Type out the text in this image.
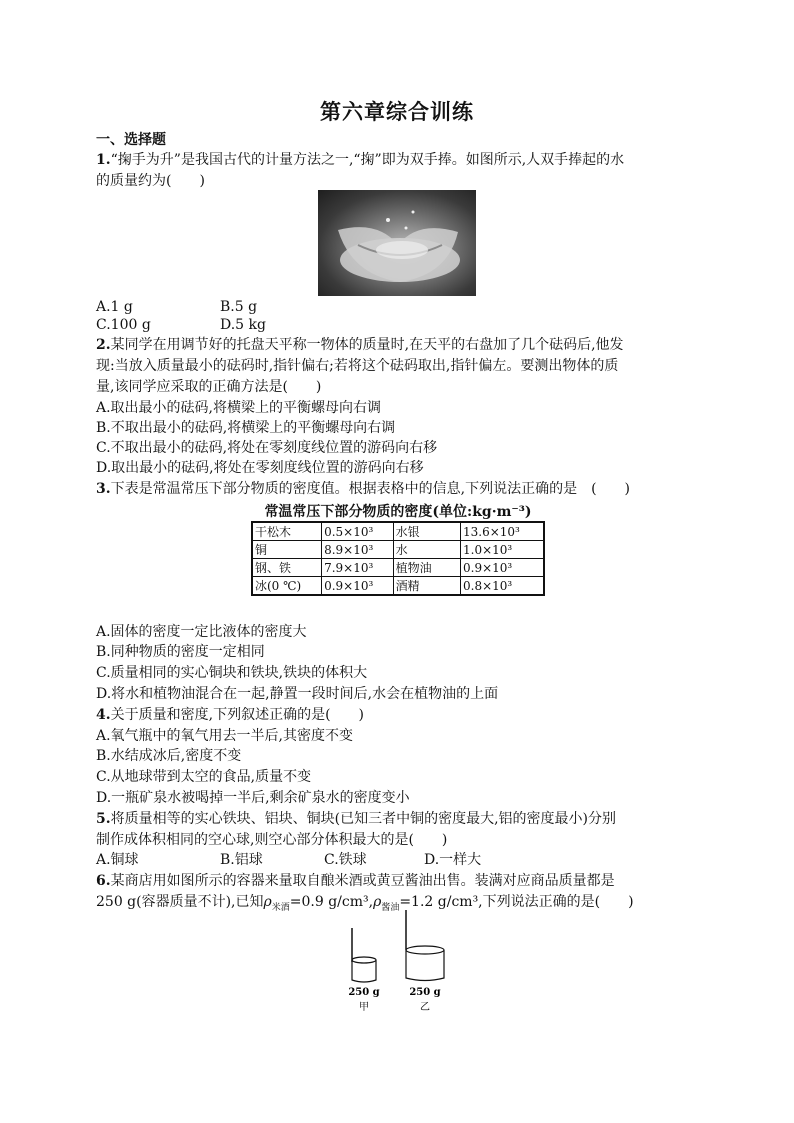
第六章综合训练
一、选择题
1.“掬手为升”是我国古代的计量方法之一,“掬”即为双手捧。如图所示,人双手捧起的水
的质量约为(　　)
A.1 g	B.5 g
C.100 g	D.5 kg
2.某同学在用调节好的托盘天平称一物体的质量时,在天平的右盘加了几个砝码后,他发
现:当放入质量最小的砝码时,指针偏右;若将这个砝码取出,指针偏左。要测出物体的质
量,该同学应采取的正确方法是(　　)
A.取出最小的砝码,将横梁上的平衡螺母向右调
B.不取出最小的砝码,将横梁上的平衡螺母向右调
C.不取出最小的砝码,将处在零刻度线位置的游码向右移
D.取出最小的砝码,将处在零刻度线位置的游码向右移
3.下表是常温常压下部分物质的密度值。根据表格中的信息,下列说法正确的是　(　　)
常温常压下部分物质的密度(单位:kg·m⁻³)
干松木	0.5×10³	水银	13.6×10³
铜	8.9×10³	水	1.0×10³
钢、铁	7.9×10³	植物油	0.9×10³
冰(0 ℃)	0.9×10³	酒精	0.8×10³
A.固体的密度一定比液体的密度大
B.同种物质的密度一定相同
C.质量相同的实心铜块和铁块,铁块的体积大
D.将水和植物油混合在一起,静置一段时间后,水会在植物油的上面
4.关于质量和密度,下列叙述正确的是(　　)
A.氧气瓶中的氧气用去一半后,其密度不变
B.水结成冰后,密度不变
C.从地球带到太空的食品,质量不变
D.一瓶矿泉水被喝掉一半后,剩余矿泉水的密度变小
5.将质量相等的实心铁块、铝块、铜块(已知三者中铜的密度最大,铝的密度最小)分别
制作成体积相同的空心球,则空心部分体积最大的是(　　)
A.铜球	B.铝球	C.铁球	D.一样大
6.某商店用如图所示的容器来量取自酿米酒或黄豆酱油出售。装满对应商品质量都是
250 g(容器质量不计),已知$\rho_{米酒}=0.9$ $g/cm^3,\rho_{酱油}=1.2$ g/cm³,下列说法正确的是(　　)
250 g
甲
250 g
乙
